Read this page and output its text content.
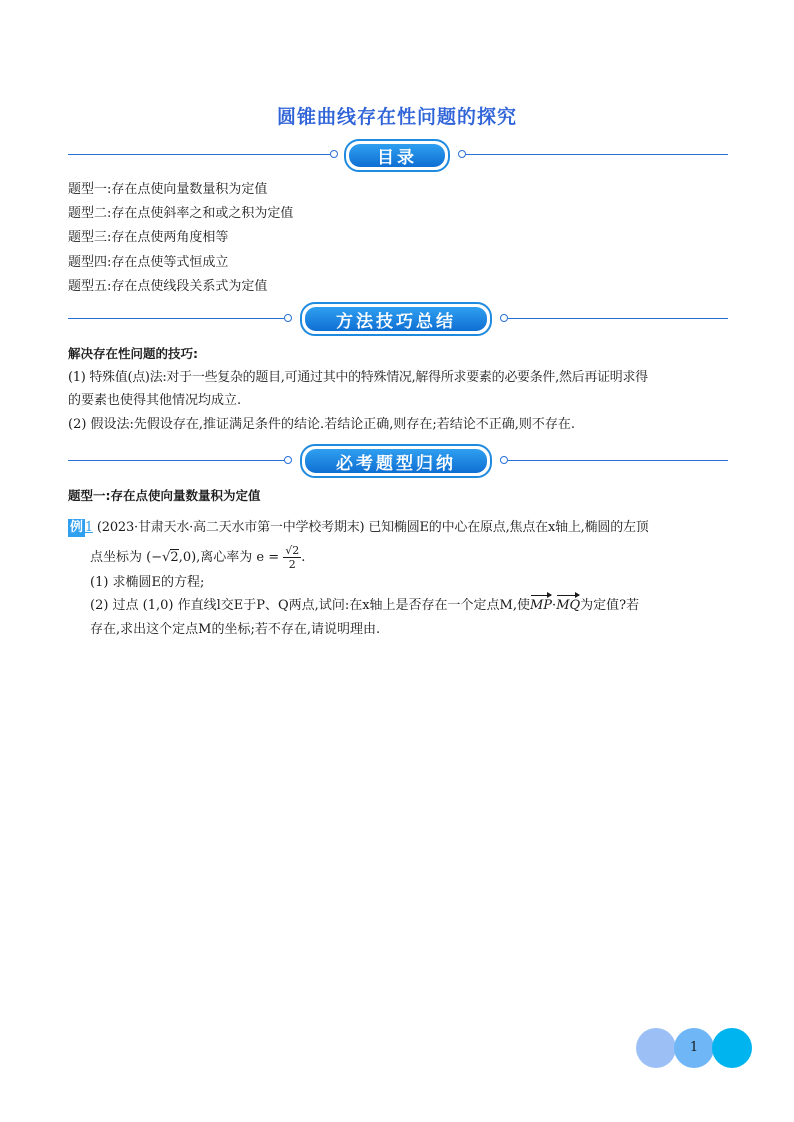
圆锥曲线存在性问题的探究
目录
题型一:存在点使向量数量积为定值
题型二:存在点使斜率之和或之积为定值
题型三:存在点使两角度相等
题型四:存在点使等式恒成立
题型五:存在点使线段关系式为定值
方法技巧总结
解决存在性问题的技巧:
(1) 特殊值(点)法:对于一些复杂的题目,可通过其中的特殊情况,解得所求要素的必要条件,然后再证明求得
的要素也使得其他情况均成立.
(2) 假设法:先假设存在,推证满足条件的结论.若结论正确,则存在;若结论不正确,则不存在.
必考题型归纳
题型一:存在点使向量数量积为定值
例 1 (2023·甘肃天水·高二天水市第一中学校考期末) 已知椭圆E的中心在原点,焦点在x轴上,椭圆的左顶
点坐标为 (−√2,0),离心率为 $e = \frac{√2}{2}$ .
(1) 求椭圆E的方程;
(2) 过点 (1,0) 作直线l交E于P、Q两点,试问:在x轴上是否存在一个定点M,使MP·MQ为定值?若
存在,求出这个定点M的坐标;若不存在,请说明理由.
1
